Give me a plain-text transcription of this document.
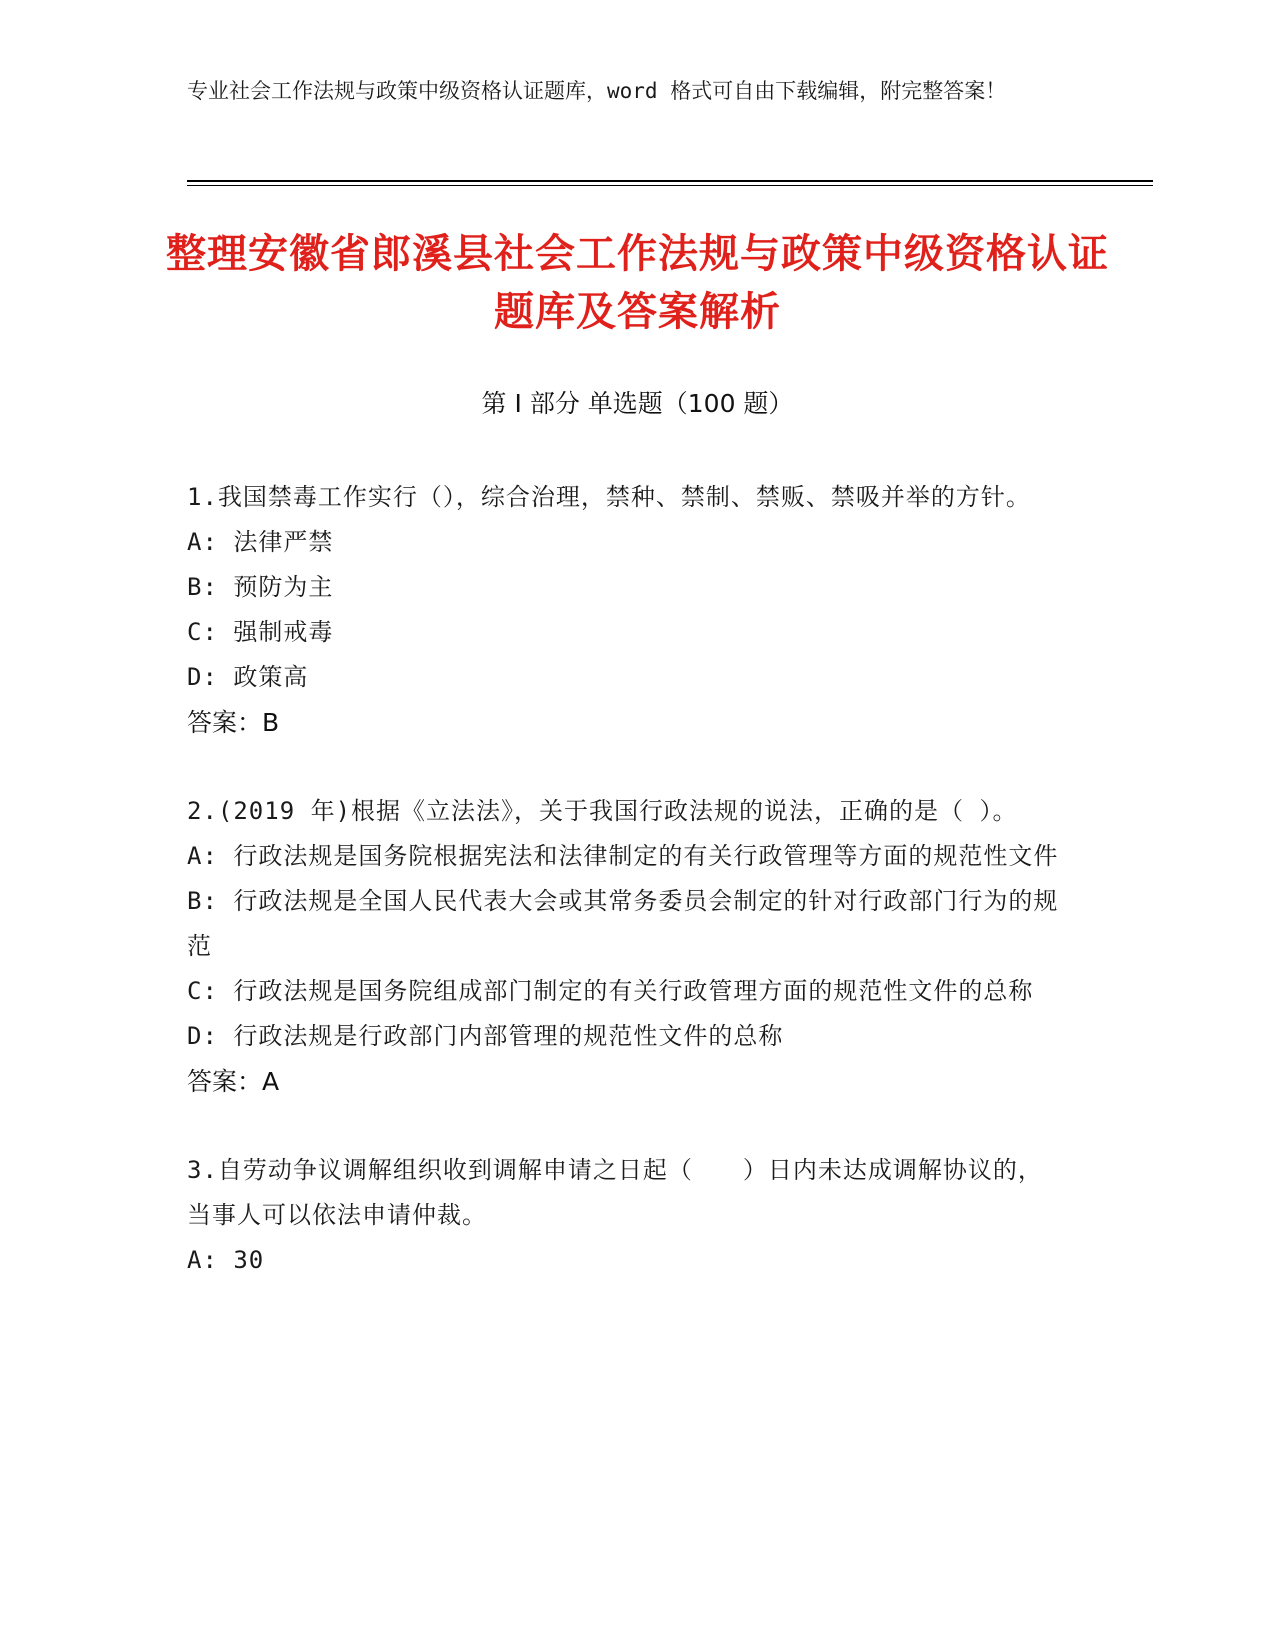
专业社会工作法规与政策中级资格认证题库，word 格式可自由下载编辑，附完整答案！
整理安徽省郎溪县社会工作法规与政策中级资格认证题库及答案解析
第 I 部分 单选题（100 题）

1.我国禁毒工作实行（），综合治理，禁种、禁制、禁贩、禁吸并举的方针。

A: 法律严禁

B: 预防为主

C: 强制戒毒

D: 政策高

答案：B

2.(2019 年)根据《立法法》，关于我国行政法规的说法，正确的是（ ）。

A: 行政法规是国务院根据宪法和法律制定的有关行政管理等方面的规范性文件

B: 行政法规是全国人民代表大会或其常务委员会制定的针对行政部门行为的规范

C: 行政法规是国务院组成部门制定的有关行政管理方面的规范性文件的总称

D: 行政法规是行政部门内部管理的规范性文件的总称

答案：A

3.自劳动争议调解组织收到调解申请之日起（　　）日内未达成调解协议的，当事人可以依法申请仲裁。

A: 30
